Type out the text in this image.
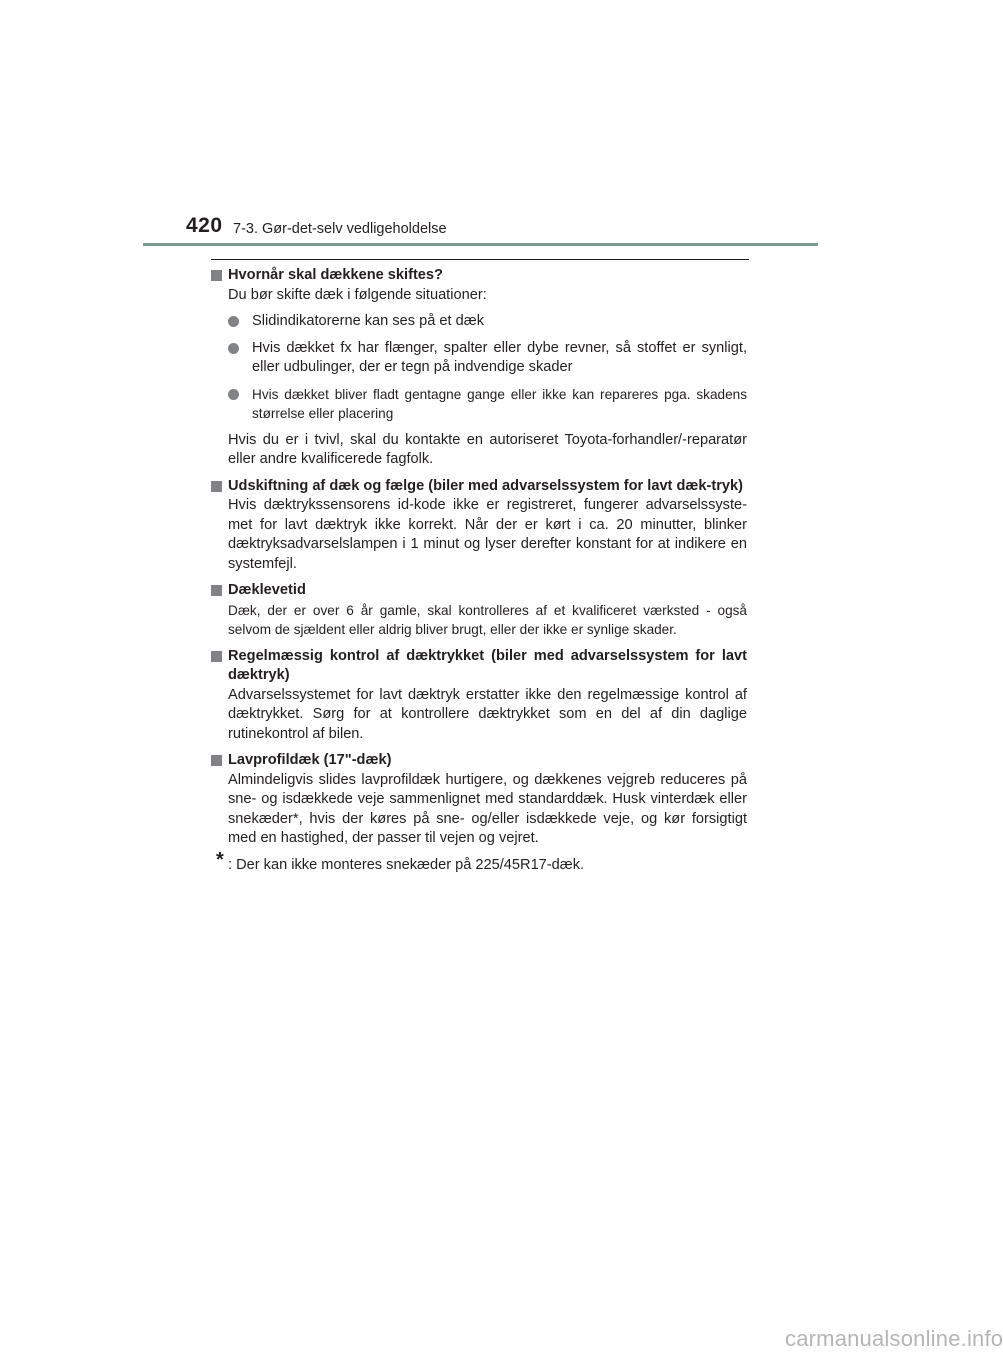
420 7-3. Gør-det-selv vedligeholdelse
Hvornår skal dækkene skiftes?
Du bør skifte dæk i følgende situationer:
Slidindikatorerne kan ses på et dæk
Hvis dækket fx har flænger, spalter eller dybe revner, så stoffet er synligt, eller udbulinger, der er tegn på indvendige skader
Hvis dækket bliver fladt gentagne gange eller ikke kan repareres pga. skadens størrelse eller placering
Hvis du er i tvivl, skal du kontakte en autoriseret Toyota-forhandler/-reparatør eller andre kvalificerede fagfolk.
Udskiftning af dæk og fælge (biler med advarselssystem for lavt dæk-tryk)
Hvis dæktrykssensorens id-kode ikke er registreret, fungerer advarselssyste-met for lavt dæktryk ikke korrekt. Når der er kørt i ca. 20 minutter, blinker dæktryksadvarselslampen i 1 minut og lyser derefter konstant for at indikere en systemfejl.
Dæklevetid
Dæk, der er over 6 år gamle, skal kontrolleres af et kvalificeret værksted - også selvom de sjældent eller aldrig bliver brugt, eller der ikke er synlige skader.
Regelmæssig kontrol af dæktrykket (biler med advarselssystem for lavt dæktryk)
Advarselssystemet for lavt dæktryk erstatter ikke den regelmæssige kontrol af dæktrykket. Sørg for at kontrollere dæktrykket som en del af din daglige rutinekontrol af bilen.
Lavprofildæk (17"-dæk)
Almindeligvis slides lavprofildæk hurtigere, og dækkenes vejgreb reduceres på sne- og isdækkede veje sammenlignet med standarddæk. Husk vinterdæk eller snekæder*, hvis der køres på sne- og/eller isdækkede veje, og kør forsigtigt med en hastighed, der passer til vejen og vejret.
* : Der kan ikke monteres snekæder på 225/45R17-dæk.
carmanualsonline.info
